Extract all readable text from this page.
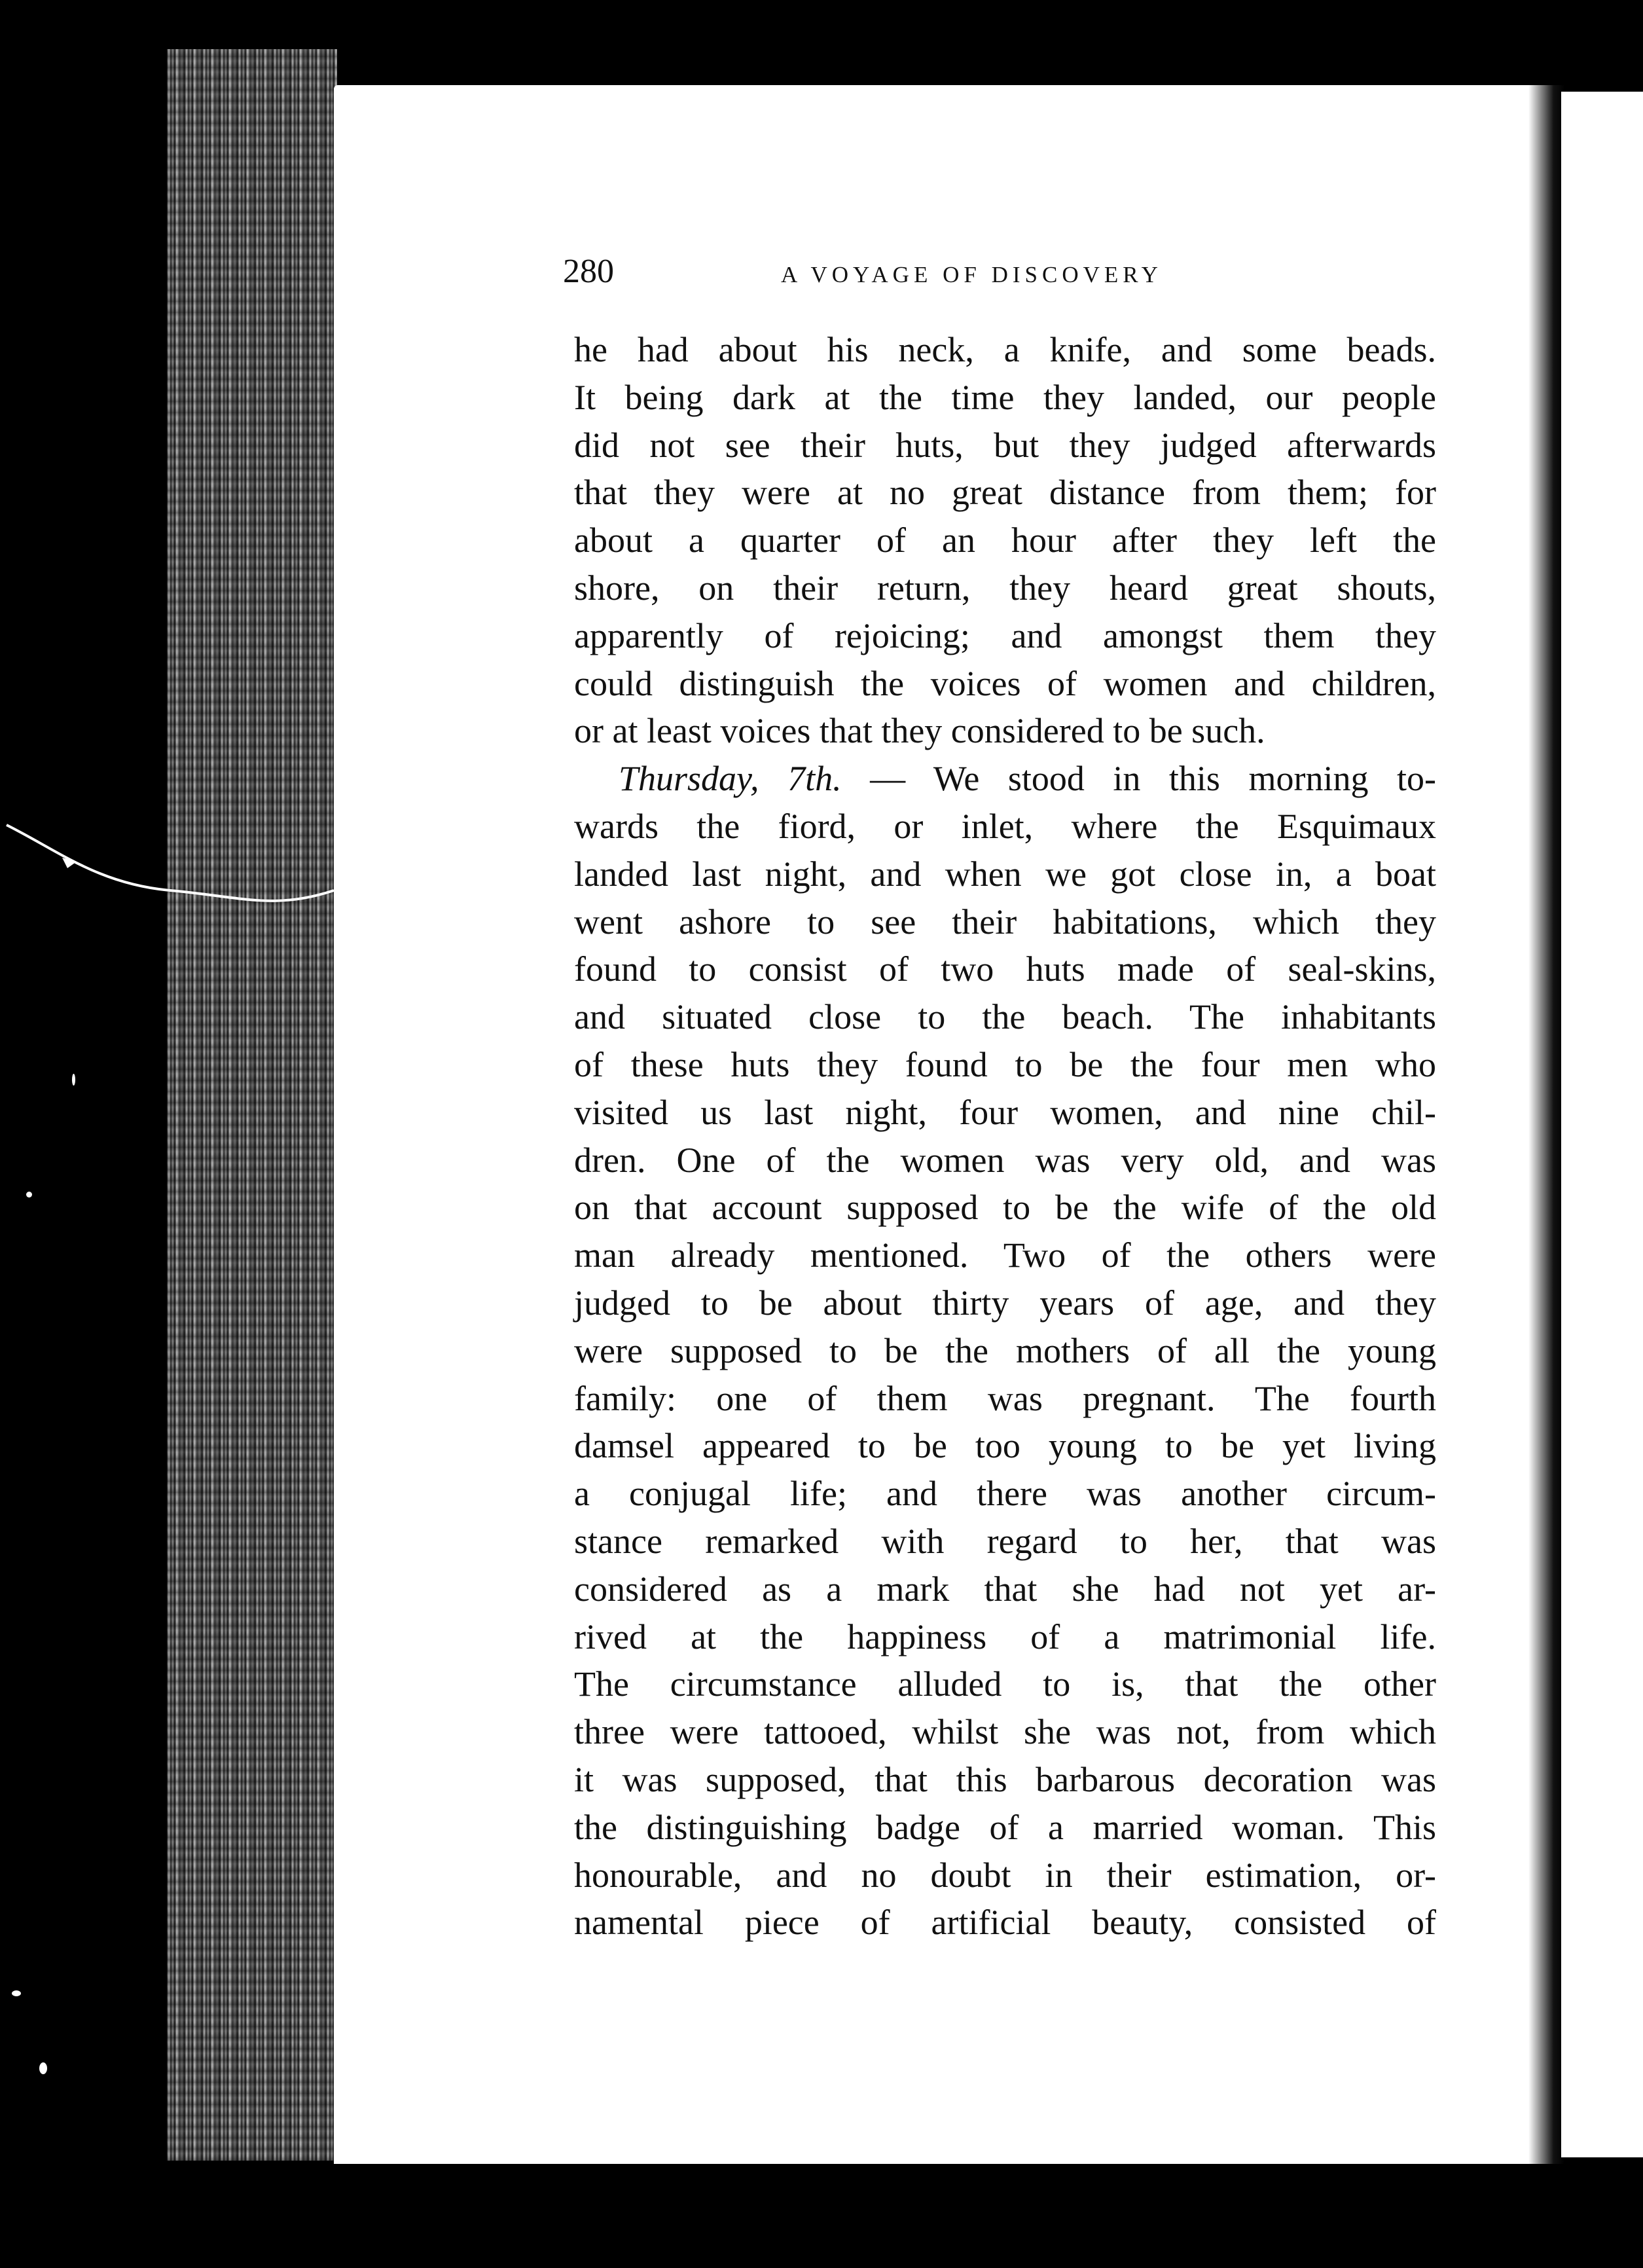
280	A VOYAGE OF DISCOVERY
he had about his neck, a knife, and some beads.
It being dark at the time they landed, our people
did not see their huts, but they judged afterwards
that they were at no great distance from them; for
about a quarter of an hour after they left the
shore, on their return, they heard great shouts,
apparently of rejoicing; and amongst them they
could distinguish the voices of women and children,
or at least voices that they considered to be such.
Thursday, 7th. — We stood in this morning to-
wards the fiord, or inlet, where the Esquimaux
landed last night, and when we got close in, a boat
went ashore to see their habitations, which they
found to consist of two huts made of seal-skins,
and situated close to the beach. The inhabitants
of these huts they found to be the four men who
visited us last night, four women, and nine chil-
dren. One of the women was very old, and was
on that account supposed to be the wife of the old
man already mentioned. Two of the others were
judged to be about thirty years of age, and they
were supposed to be the mothers of all the young
family: one of them was pregnant. The fourth
damsel appeared to be too young to be yet living
a conjugal life; and there was another circum-
stance remarked with regard to her, that was
considered as a mark that she had not yet ar-
rived at the happiness of a matrimonial life.
The circumstance alluded to is, that the other
three were tattooed, whilst she was not, from which
it was supposed, that this barbarous decoration was
the distinguishing badge of a married woman. This
honourable, and no doubt in their estimation, or-
namental piece of artificial beauty, consisted of
